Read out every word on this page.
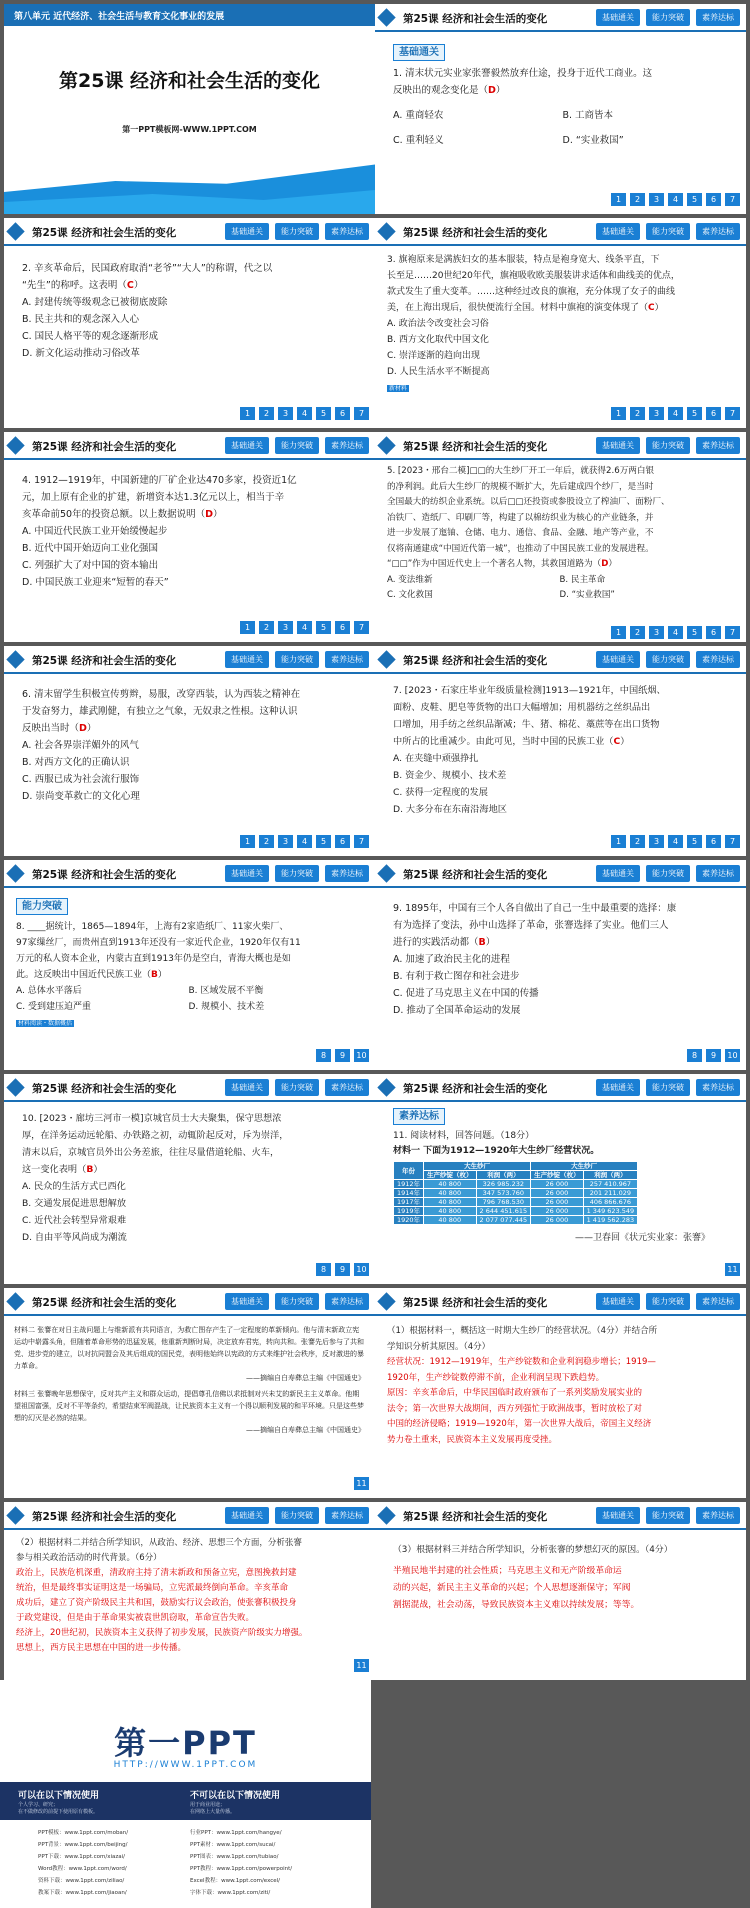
第八单元 近代经济、社会生活与教育文化事业的发展
第25课 经济和社会生活的变化
第一PPT模板网-WWW.1PPT.COM
第25课 经济和社会生活的变化	基础通关	能力突破	素养达标
基础通关
1. 清末状元实业家张謇毅然放弃仕途，投身于近代工商业。这
反映出的观念变化是（D）
A. 重商轻农	B. 工商皆本
C. 重利轻义	D. “实业救国”
1	2	3	4	5	6	7
第25课 经济和社会生活的变化	基础通关	能力突破	素养达标
2. 辛亥革命后，民国政府取消“老爷”“大人”的称谓，代之以
“先生”的称呼。这表明（C）
A. 封建传统等级观念已被彻底废除
B. 民主共和的观念深入人心
C. 国民人格平等的观念逐渐形成
D. 新文化运动推动习俗改革
1	2	3	4	5	6	7
第25课 经济和社会生活的变化	基础通关	能力突破	素养达标
3. 旗袍原来是满族妇女的基本服装，特点是袍身宽大、线条平直，下
长至足……20世纪20年代，旗袍吸收欧美服装讲求适体和曲线美的优点，
款式发生了重大变革。……这种经过改良的旗袍，充分体现了女子的曲线
美，在上海出现后，很快便流行全国。材料中旗袍的演变体现了（C）
A. 政治法令改变社会习俗
B. 西方文化取代中国文化
C. 崇洋逐渐的趋向出现
D. 人民生活水平不断提高
新材料
1	2	3	4	5	6	7
第25课 经济和社会生活的变化	基础通关	能力突破	素养达标
4. 1912—1919年，中国新建的厂矿企业达470多家，投资近1亿
元，加上原有企业的扩建，新增资本达1.3亿元以上，相当于辛
亥革命前50年的投资总额。以上数据说明（D）
A. 中国近代民族工业开始缓慢起步
B. 近代中国开始迈向工业化强国
C. 列强扩大了对中国的资本输出
D. 中国民族工业迎来“短暂的春天”
1	2	3	4	5	6	7
第25课 经济和社会生活的变化	基础通关	能力突破	素养达标
5. [2023・邢台二模]□□的大生纱厂开工一年后，就获得2.6万两白银
的净利润。此后大生纱厂的规模不断扩大，先后建成四个纱厂，是当时
全国最大的纺织企业系统。以后□□还投资或参股设立了榨油厂、面粉厂、
冶铁厂、造纸厂、印刷厂等，构建了以棉纺织业为核心的产业链条，并
进一步发展了迤铀、仓储、电力、通信、食品、金融、地产等产业，不
仅将南通建成“中国近代第一城”，也推动了中国民族工业的发展进程。
“□□”作为中国近代史上一个著名人物，其救国道路为（D）
A. 变法维新	B. 民主革命
C. 文化救国	D. “实业救国”
1	2	3	4	5	6	7
第25课 经济和社会生活的变化	基础通关	能力突破	素养达标
6. 清末留学生积极宣传剪辫，易服，改穿西装，认为西装之精神在
于发奋努力，雄武刚健，有独立之气象，无奴隶之性根。这种认识
反映出当时（D）
A. 社会各界崇洋媚外的风气
B. 对西方文化的正确认识
C. 西服已成为社会流行服饰
D. 崇尚变革救亡的文化心理
1	2	3	4	5	6	7
第25课 经济和社会生活的变化	基础通关	能力突破	素养达标
7. [2023・石家庄毕业年级质量检测]1913—1921年，中国纸烟、
面粉、皮鞋、肥皂等货物的出口大幅增加；用机器纺之丝织品出
口增加，用手纺之丝织品渐减；牛、猪、棉花、藁蔗等在出口货物
中所占的比重减少。由此可见，当时中国的民族工业（C）
A. 在夹缝中顽强挣扎
B. 资金少、规模小、技术差
C. 获得一定程度的发展
D. 大多分布在东南沿海地区
1	2	3	4	5	6	7
第25课 经济和社会生活的变化	基础通关	能力突破	素养达标
能力突破
8. ____据统计，1865—1894年，上海有2家造纸厂、11家火柴厂、
97家缫丝厂，而贵州直到1913年还没有一家近代企业，1920年仅有11
万元的私人资本企业，内蒙古直到1913年仍是空白，青海大概也是如
此。这反映出中国近代民族工业（B）
A. 总体水平落后	B. 区域发展不平衡
C. 受到建压迫严重	D. 规模小、技术差
材料阅读・数据概括
8	9	10
第25课 经济和社会生活的变化	基础通关	能力突破	素养达标
9. 1895年，中国有三个人各自做出了自己一生中最重要的选择：康
有为选择了变法，孙中山选择了革命，张謇选择了实业。他们三人
进行的实践活动都（B）
A. 加速了政治民主化的进程
B. 有利于救亡图存和社会进步
C. 促进了马克思主义在中国的传播
D. 推动了全国革命运动的发展
8	9	10
第25课 经济和社会生活的变化	基础通关	能力突破	素养达标
10. [2023・廊坊三河市一模]京城官员士大夫聚集，保守思想浓
厚，在洋务运动远轮船、办铁路之初，动辄阶起反对，斥为崇洋，
清末以后，京城官员外出公务差旅，往往尽量借道轮船、火车，
这一变化表明（B）
A. 民众的生活方式已西化
B. 交通发展促进思想解放
C. 近代社会转型异常艰难
D. 自由平等风尚成为潮流
8	9	10
第25课 经济和社会生活的变化	基础通关	能力突破	素养达标
素养达标
11. 阅读材料，回答问题。（18分）
材料一 下面为1912—1920年大生纱厂经营状况。
年份	大生纱厂		大生纱厂	
	生产纱锭（枚）	利润（两）	生产纱锭（枚）	利润（两）
1912年	40 800	326 985.232	26 000	257 410.967
1914年	40 800	347 573.760	26 000	201 211.029
1917年	40 800	796 768.530	26 000	406 866.676
1919年	40 800	2 644 451.615	26 000	1 349 623.549
1920年	40 800	2 077 077.445	26 000	1 419 562.283
——卫春回《状元实业家：张謇》
11
第25课 经济和社会生活的变化	基础通关	能力突破	素养达标
材料二 张謇在对日主战问题上与维新派有共同语言，为救亡图存产生了一定程度的革新倾向。他与清末新政立宪运动中崭露头角，但随着革命形势的迅猛发展，他重新判断时局，决定放弃君宪，转向共和。张謇先后参与了共和党、进步党的建立，以对抗同盟会及其后组成的国民党，表明他始终以宪政的方式来维护社会秩序，反对激进的暴力革命。
——摘编自白寿彝总主编《中国通史》
材料三 张謇晚年思想保守，反对共产主义和群众运动，提倡尊孔信佛以求抵制对兴未艾的新民主主义革命。他期望祖国富强，反对不平等条约，希望结束军阀混战，让民族资本主义有一个得以顺利发展的和平环境。只是这些梦想的幻灭是必然的结果。
——摘编自白寿彝总主编《中国通史》
11
第25课 经济和社会生活的变化	基础通关	能力突破	素养达标
（1）根据材料一，概括这一时期大生纱厂的经营状况。（4分）并结合所
学知识分析其原因。（4分）
经营状况：1912—1919年，生产纱锭数和企业利润稳步增长；1919—
1920年，生产纱锭数停滞不前，企业利润呈现下跌趋势。
原因：辛亥革命后，中华民国临时政府颁布了一系列奖励发展实业的
法令；第一次世界大战期间，西方列强忙于欧洲战事，暂时放松了对
中国的经济侵略；1919—1920年，第一次世界大战后，帝国主义经济
势力卷土重来，民族资本主义发展再度受挫。
第25课 经济和社会生活的变化	基础通关	能力突破	素养达标
（2）根据材料二并结合所学知识，从政治、经济、思想三个方面，分析张謇
参与相关政治活动的时代背景。（6分）
政治上，民族危机深重，清政府主持了清末新政和预备立宪，意图挽救封建
统治，但是最终事实证明这是一场骗局，立宪派最终倒向革命。辛亥革命
成功后，建立了资产阶级民主共和国，鼓励实行议会政治，使张謇积极投身
于政党建设，但是由于革命果实被袁世凯窃取，革命宣告失败。
经济上，20世纪初，民族资本主义获得了初步发展，民族资产阶级实力增强。
思想上，西方民主思想在中国的进一步传播。
11
第25课 经济和社会生活的变化	基础通关	能力突破	素养达标
（3）根据材料三并结合所学知识，分析张謇的梦想幻灭的原因。（4分）
半殖民地半封建的社会性质；马克思主义和无产阶级革命运
动的兴起，新民主主义革命的兴起；个人思想逐渐保守；军阀
割据混战，社会动荡，导致民族资本主义难以持续发展；等等。
第一PPT
HTTP://WWW.1PPT.COM
可以在以下情况使用
个人学习、研究；
在不做修改的前提下使用原有模板。
不可以在以下情况使用
用于商业用途；
在网络上大量传播。
PPT模板：www.1ppt.com/moban/
PPT背景：www.1ppt.com/beijing/
PPT下载：www.1ppt.com/xiazai/
Word教程：www.1ppt.com/word/
资料下载：www.1ppt.com/ziliao/
教案下载：www.1ppt.com/jiaoan/
行业PPT：www.1ppt.com/hangye/
PPT素材：www.1ppt.com/sucai/
PPT图表：www.1ppt.com/tubiao/
PPT教程：www.1ppt.com/powerpoint/
Excel教程：www.1ppt.com/excel/
字体下载：www.1ppt.com/ziti/
